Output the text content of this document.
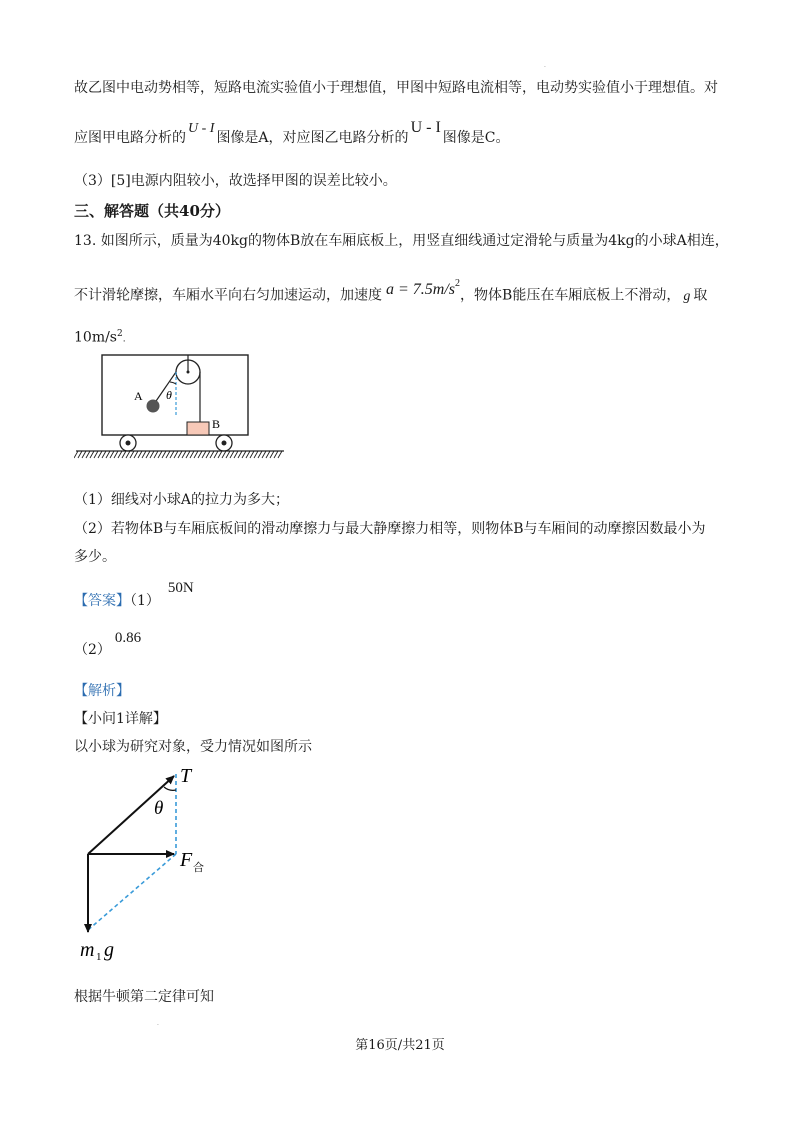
故乙图中电动势相等，短路电流实验值小于理想值，甲图中短路电流相等，电动势实验值小于理想值。对
应图甲电路分析的U - I图像是A，对应图乙电路分析的U - I图像是C。
（3）[5]电源内阻较小，故选择甲图的误差比较小。
三、解答题（共40分）
13. 如图所示，质量为40kg的物体B放在车厢底板上，用竖直细线通过定滑轮与质量为4kg的小球A相连，
不计滑轮摩擦，车厢水平向右匀加速运动，加速度 $a = 7.5m/s^2$，物体B能压在车厢底板上不滑动， g 取
$10m/s^2$.
A θ
B
（1）细线对小球A的拉力为多大；
（2）若物体B与车厢底板间的滑动摩擦力与最大静摩擦力相等，则物体B与车厢间的动摩擦因数最小为
多少。
【答案】（1）50N
（2）0.86
【解析】
【小问1详解】
以小球为研究对象，受力情况如图所示
T
θ
F 合
m 1 g
根据牛顿第二定律可知
·
·
第16页/共21页
